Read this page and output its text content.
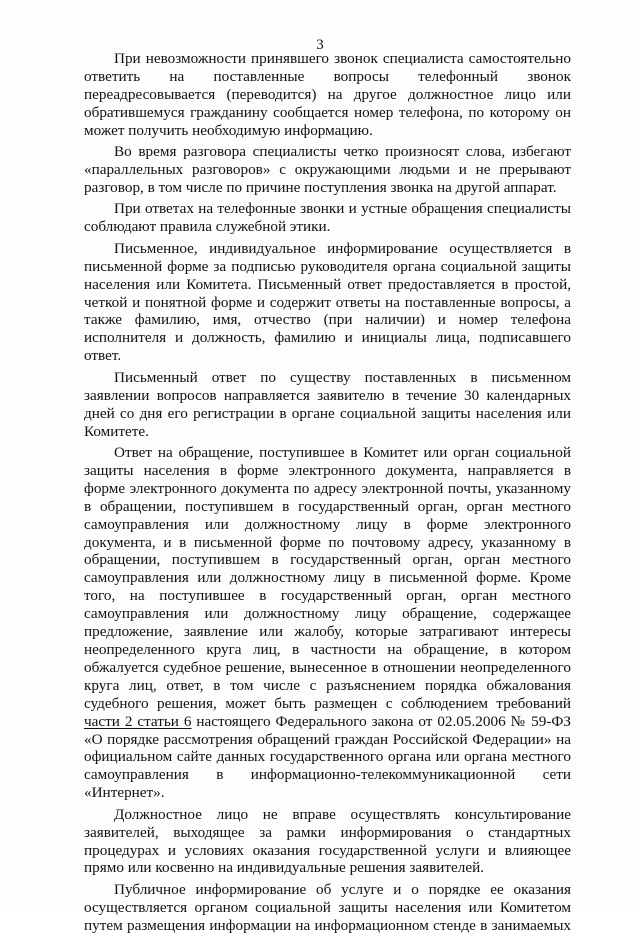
3

При невозможности принявшего звонок специалиста самостоятельно ответить на поставленные вопросы телефонный звонок переадресовывается (переводится) на другое должностное лицо или обратившемуся гражданину сообщается номер телефона, по которому он может получить необходимую информацию.

Во время разговора специалисты четко произносят слова, избегают «параллельных разговоров» с окружающими людьми и не прерывают разговор, в том числе по причине поступления звонка на другой аппарат.

При ответах на телефонные звонки и устные обращения специалисты соблюдают правила служебной этики.

Письменное, индивидуальное информирование осуществляется в письменной форме за подписью руководителя органа социальной защиты населения или Комитета. Письменный ответ предоставляется в простой, четкой и понятной форме и содержит ответы на поставленные вопросы, а также фамилию, имя, отчество (при наличии) и номер телефона исполнителя и должность, фамилию и инициалы лица, подписавшего ответ.

Письменный ответ по существу поставленных в письменном заявлении вопросов направляется заявителю в течение 30 календарных дней со дня его регистрации в органе социальной защиты населения или Комитете.

Ответ на обращение, поступившее в Комитет или орган социальной защиты населения в форме электронного документа, направляется в форме электронного документа по адресу электронной почты, указанному в обращении, поступившем в государственный орган, орган местного самоуправления или должностному лицу в форме электронного документа, и в письменной форме по почтовому адресу, указанному в обращении, поступившем в государственный орган, орган местного самоуправления или должностному лицу в письменной форме. Кроме того, на поступившее в государственный орган, орган местного самоуправления или должностному лицу обращение, содержащее предложение, заявление или жалобу, которые затрагивают интересы неопределенного круга лиц, в частности на обращение, в котором обжалуется судебное решение, вынесенное в отношении неопределенного круга лиц, ответ, в том числе с разъяснением порядка обжалования судебного решения, может быть размещен с соблюдением требований части 2 статьи 6 настоящего Федерального закона от 02.05.2006 № 59-ФЗ «О порядке рассмотрения обращений граждан Российской Федерации» на официальном сайте данных государственного органа или органа местного самоуправления в информационно-телекоммуникационной сети «Интернет».

Должностное лицо не вправе осуществлять консультирование заявителей, выходящее за рамки информирования о стандартных процедурах и условиях оказания государственной услуги и влияющее прямо или косвенно на индивидуальные решения заявителей.

Публичное информирование об услуге и о порядке ее оказания
осуществляется органом социальной защиты населения или Комитетом
путем размещения информации на информационном стенде в занимаемых
